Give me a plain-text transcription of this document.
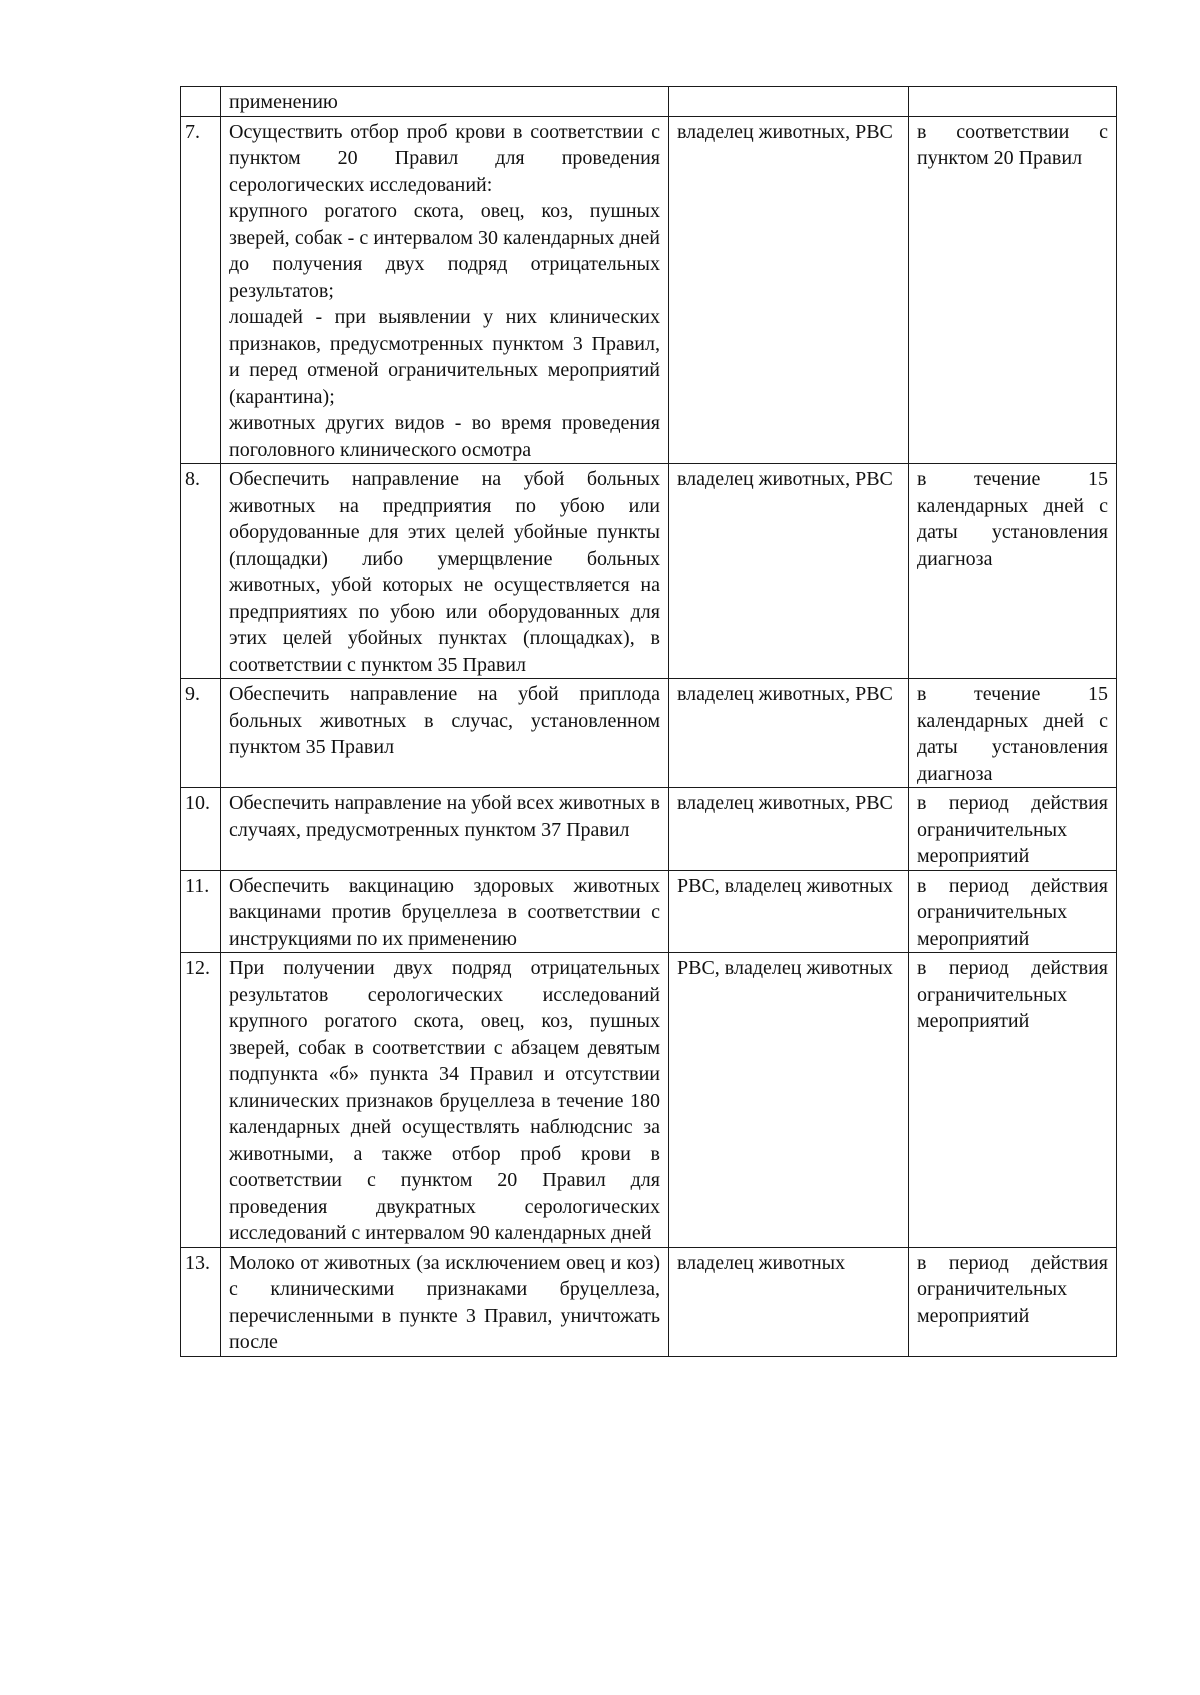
	применению		

7.	Осуществить отбор проб крови в соответствии с пунктом 20 Правил для проведения серологических исследований:
крупного рогатого скота, овец, коз, пушных зверей, собак - с интервалом 30 календарных дней до получения двух подряд отрицательных результатов;
лошадей - при выявлении у них клинических признаков, предусмотренных пунктом 3 Правил, и перед отменой ограничительных мероприятий (карантина);
животных других видов - во время проведения поголовного клинического осмотра	владелец животных, РВС	в соответствии с пунктом 20 Правил
8.	Обеспечить направление на убой больных животных на предприятия по убою или оборудованные для этих целей убойные пункты (площадки) либо умерщвление больных животных, убой которых не осуществляется на предприятиях по убою или оборудованных для этих целей убойных пунктах (площадках), в соответствии с пунктом 35 Правил	владелец животных, РВС	в течение 15 календарных дней с даты установления диагноза
9.	Обеспечить направление на убой приплода больных животных в случас, установленном пунктом 35 Правил	владелец животных, РВС	в течение 15 календарных дней с даты установления диагноза
10.	Обеспечить направление на убой всех животных в случаях, предусмотренных пунктом 37 Правил	владелец животных, РВС	в период действия ограничительных мероприятий
11.	Обеспечить вакцинацию здоровых животных вакцинами против бруцеллеза в соответствии с инструкциями по их применению	РВС, владелец животных	в период действия ограничительных мероприятий
12.	При получении двух подряд отрицательных результатов серологических исследований крупного рогатого скота, овец, коз, пушных зверей, собак в соответствии с абзацем девятым подпункта «б» пункта 34 Правил и отсутствии клинических признаков бруцеллеза в течение 180 календарных дней осуществлять наблюдснис за животными, а также отбор проб крови в соответствии с пунктом 20 Правил для проведения двукратных серологических исследований с интервалом 90 календарных дней	РВС, владелец животных	в период действия ограничительных мероприятий
13.	Молоко от животных (за исключением овец и коз) с клиническими признаками бруцеллеза, перечисленными в пункте 3 Правил, уничтожать после	владелец животных	в период действия ограничительных мероприятий
